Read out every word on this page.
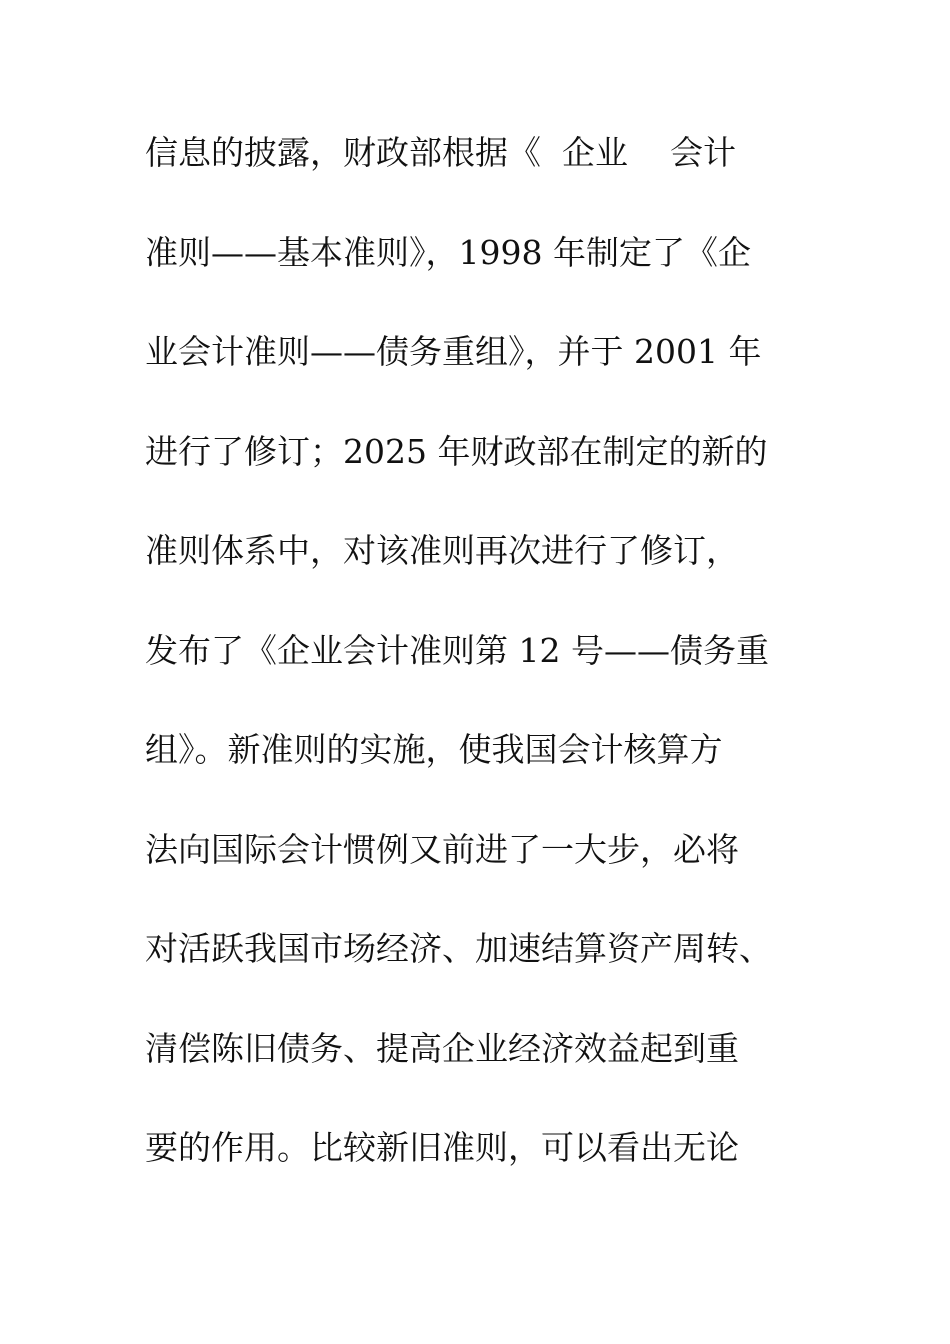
信息的披露，财政部根据《  企业    会计
准则——基本准则》，1998 年制定了《企
业会计准则——债务重组》，并于 2001 年
进行了修订；2025 年财政部在制定的新的
准则体系中，对该准则再次进行了修订，
发布了《企业会计准则第 12 号——债务重
组》。新准则的实施，使我国会计核算方
法向国际会计惯例又前进了一大步，必将
对活跃我国市场经济、加速结算资产周转、
清偿陈旧债务、提高企业经济效益起到重
要的作用。比较新旧准则，可以看出无论
